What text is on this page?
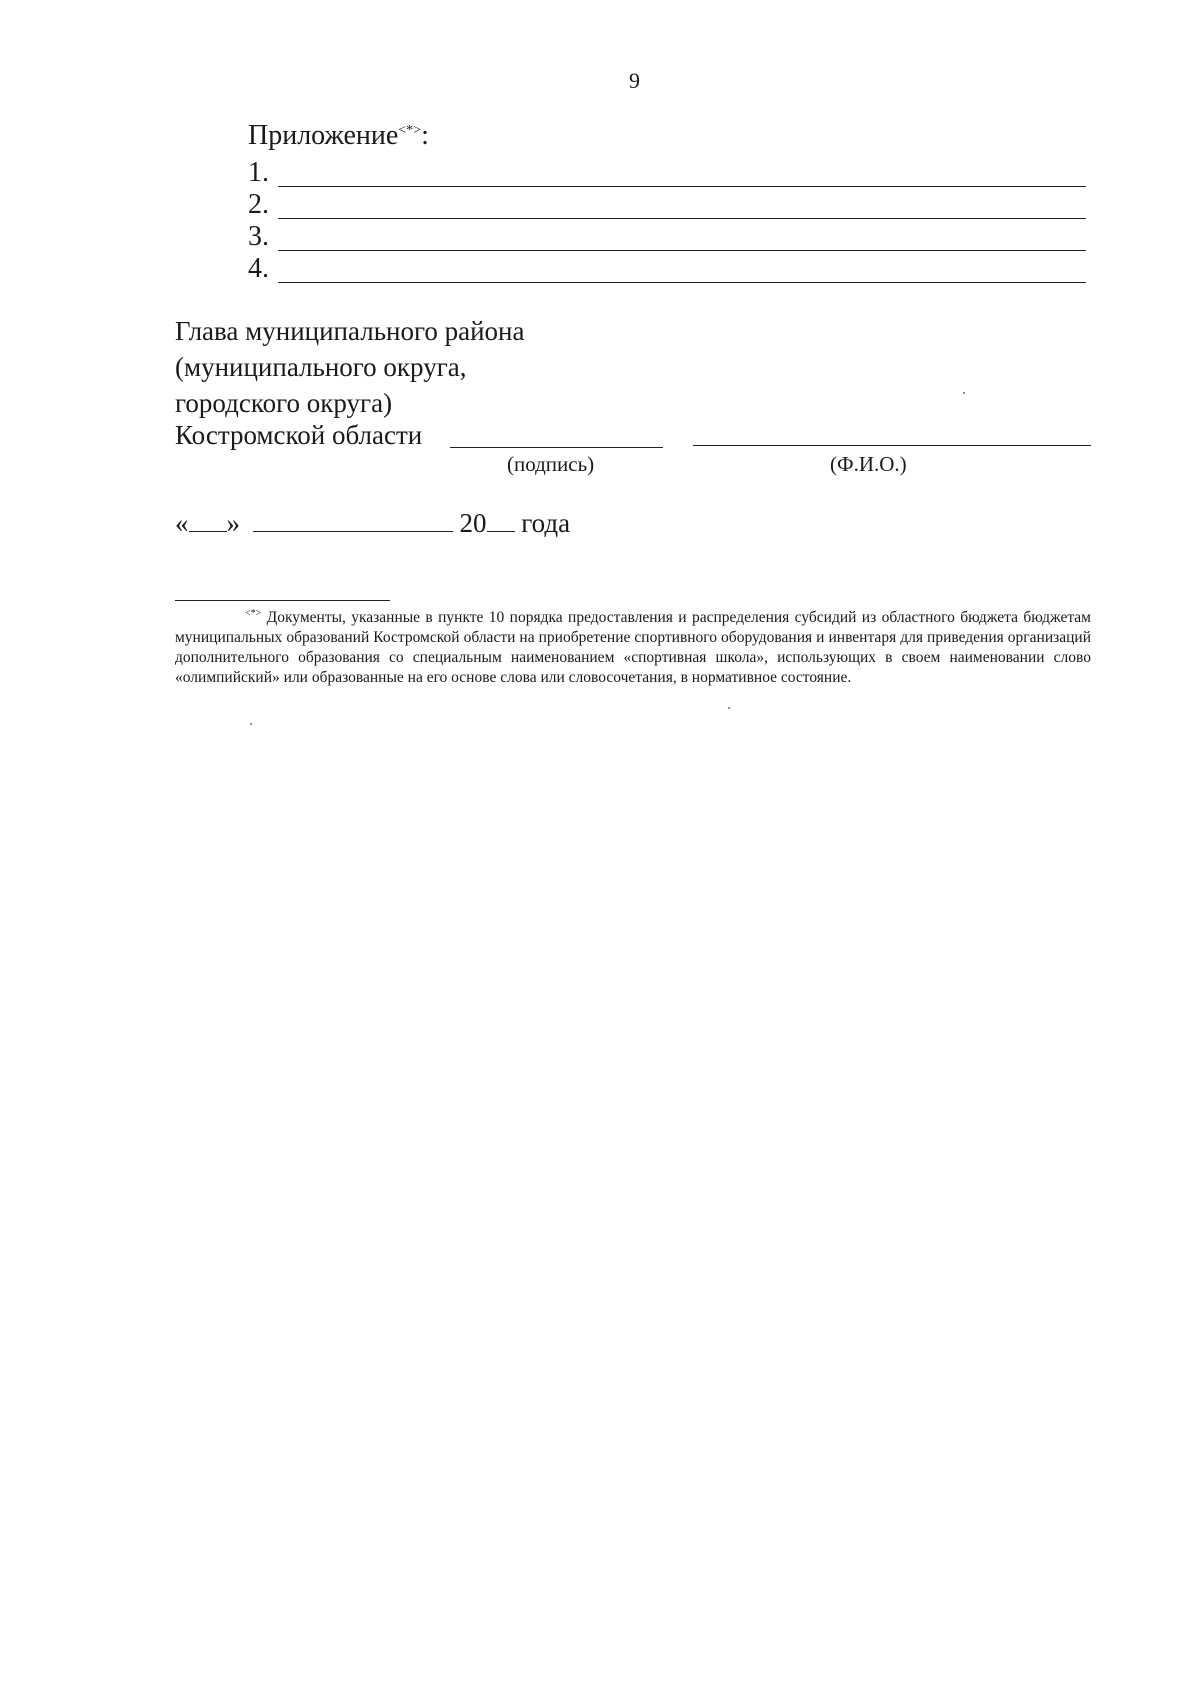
9
Приложение<*>:
1.
2.
3.
4.
Глава муниципального района
(муниципального округа,
городского округа)
Костромской области
(подпись)	(Ф.И.О.)
« »	20 года
<*> Документы, указанные в пункте 10 порядка предоставления и распределения субсидий из областного бюджета бюджетам муниципальных образований Костромской области на приобретение спортивного оборудования и инвентаря для приведения организаций дополнительного образования со специальным наименованием «спортивная школа», использующих в своем наименовании слово «олимпийский» или образованные на его основе слова или словосочетания, в нормативное состояние.
